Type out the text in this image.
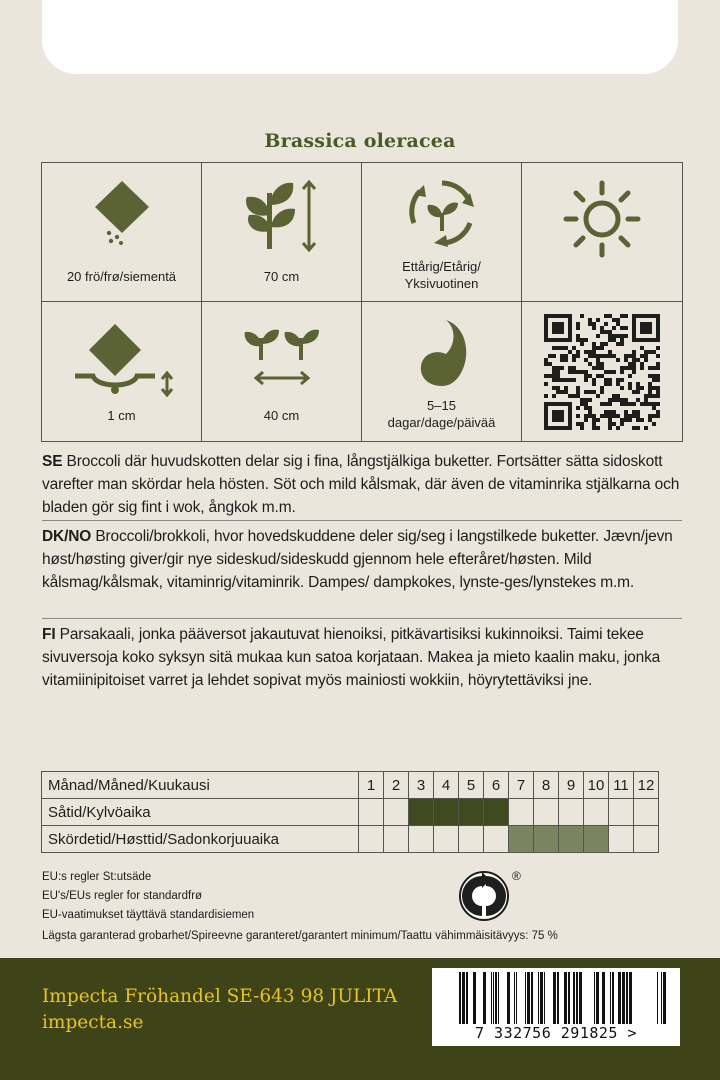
Brassica oleracea
20 frö/frø/siementä	70 cm
Ettårig/Etårig/
Yksivuotinen
1 cm	40 cm
5–15
dagar/dage/päivää
SE Broccoli där huvudskotten delar sig i fina, långstjälkiga buketter. Fortsätter sätta sidoskott varefter man skördar hela hösten. Söt och mild kålsmak, där även de vitaminrika stjälkarna och bladen gör sig fint i wok, ångkok m.m.
DK/NO Broccoli/brokkoli, hvor hovedskuddene deler sig/seg i langstilkede buketter. Jævn/jevn høst/høsting giver/gir nye sideskud/sideskudd gjennom hele efteråret/høsten. Mild kålsmag/kålsmak, vitaminrig/vitaminrik. Dampes/ dampkokes, lynste-ges/lynstekes m.m.
FI Parsakaali, jonka pääversot jakautuvat hienoiksi, pitkävartisiksi kukinnoiksi. Taimi tekee sivuversoja koko syksyn sitä mukaa kun satoa korjataan. Makea ja mieto kaalin maku, jonka vitamiinipitoiset varret ja lehdet sopivat myös mainiosti wokkiin, höyrytettäviksi jne.
Månad/Måned/Kuukausi	1	2	3	4	5	6	7	8	9	10	11	12
Såtid/Kylvöaika												
Skördetid/Høsttid/Sadonkorjuuaika												
EU:s regler St:utsäde
EU's/EUs regler for standardfrø
EU-vaatimukset täyttävä standardisiemen
®
Lägsta garanterad grobarhet/Spireevne garanteret/garantert minimum/Taattu vähimmäisitävyys: 75 %
Impecta Fröhandel SE-643 98 JULITA
impecta.se	7 332756 291825 >
